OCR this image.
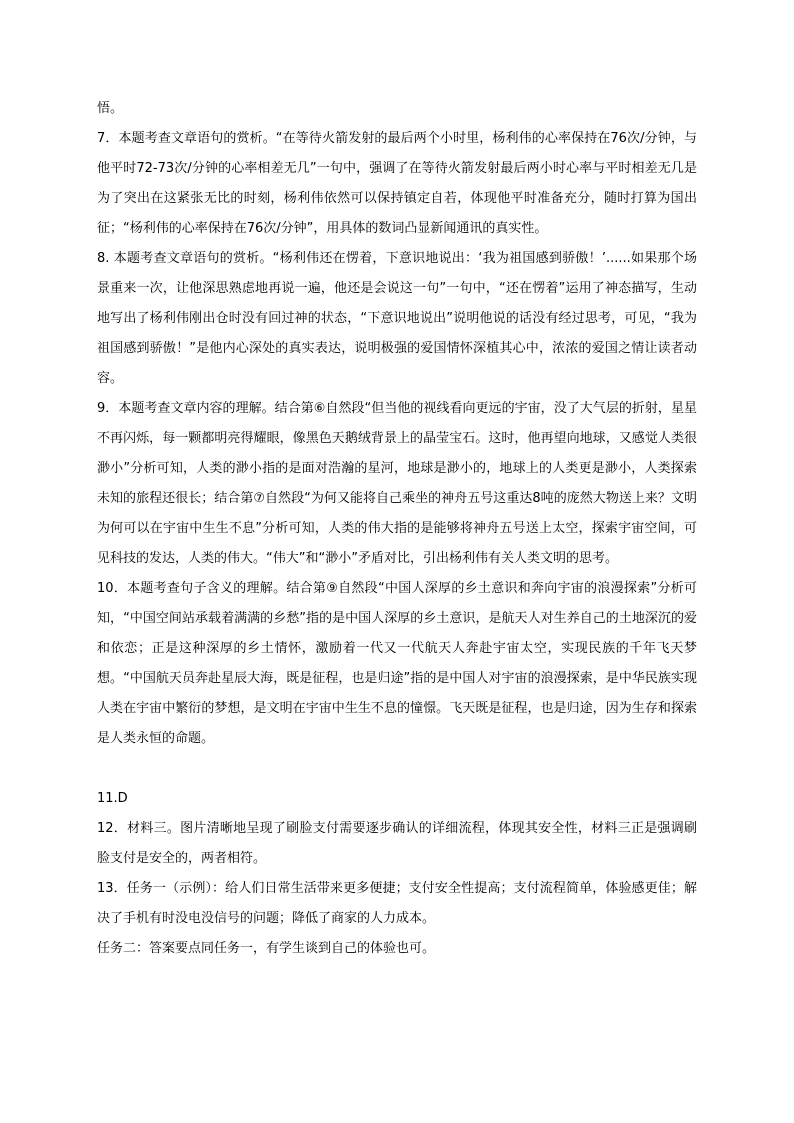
悟。

7．本题考查文章语句的赏析。“在等待火箭发射的最后两个小时里，杨利伟的心率保持在76次/分钟，与他平时72-73次/分钟的心率相差无几”一句中，强调了在等待火箭发射最后两小时心率与平时相差无几是为了突出在这紧张无比的时刻，杨利伟依然可以保持镇定自若，体现他平时准备充分，随时打算为国出征；“杨利伟的心率保持在76次/分钟”，用具体的数词凸显新闻通讯的真实性。

8. 本题考查文章语句的赏析。“杨利伟还在愣着，下意识地说出：‘我为祖国感到骄傲！’......如果那个场景重来一次，让他深思熟虑地再说一遍，他还是会说这一句”一句中，“还在愣着”运用了神态描写，生动地写出了杨利伟刚出仓时没有回过神的状态，“下意识地说出”说明他说的话没有经过思考，可见，“我为祖国感到骄傲！”是他内心深处的真实表达，说明极强的爱国情怀深植其心中，浓浓的爱国之情让读者动容。

9．本题考查文章内容的理解。结合第⑥自然段“但当他的视线看向更远的宇宙，没了大气层的折射，星星不再闪烁，每一颗都明亮得耀眼，像黑色天鹅绒背景上的晶莹宝石。这时，他再望向地球，又感觉人类很渺小”分析可知，人类的渺小指的是面对浩瀚的星河，地球是渺小的，地球上的人类更是渺小，人类探索未知的旅程还很长；结合第⑦自然段“为何又能将自己乘坐的神舟五号这重达8吨的庞然大物送上来？文明为何可以在宇宙中生生不息”分析可知，人类的伟大指的是能够将神舟五号送上太空，探索宇宙空间，可见科技的发达，人类的伟大。“伟大”和“渺小”矛盾对比，引出杨利伟有关人类文明的思考。

10．本题考查句子含义的理解。结合第⑨自然段“中国人深厚的乡土意识和奔向宇宙的浪漫探索”分析可知，“中国空间站承载着满满的乡愁”指的是中国人深厚的乡土意识，是航天人对生养自己的土地深沉的爱和依恋；正是这种深厚的乡土情怀，激励着一代又一代航天人奔赴宇宙太空，实现民族的千年飞天梦想。“中国航天员奔赴星辰大海，既是征程，也是归途”指的是中国人对宇宙的浪漫探索，是中华民族实现人类在宇宙中繁衍的梦想，是文明在宇宙中生生不息的憧憬。飞天既是征程，也是归途，因为生存和探索是人类永恒的命题。

11.D

12．材料三。图片清晰地呈现了刷脸支付需要逐步确认的详细流程，体现其安全性，材料三正是强调刷脸支付是安全的，两者相符。

13．任务一（示例）：给人们日常生活带来更多便捷；支付安全性提高；支付流程简单，体验感更佳；解决了手机有时没电没信号的问题；降低了商家的人力成本。

任务二：答案要点同任务一，有学生谈到自己的体验也可。
